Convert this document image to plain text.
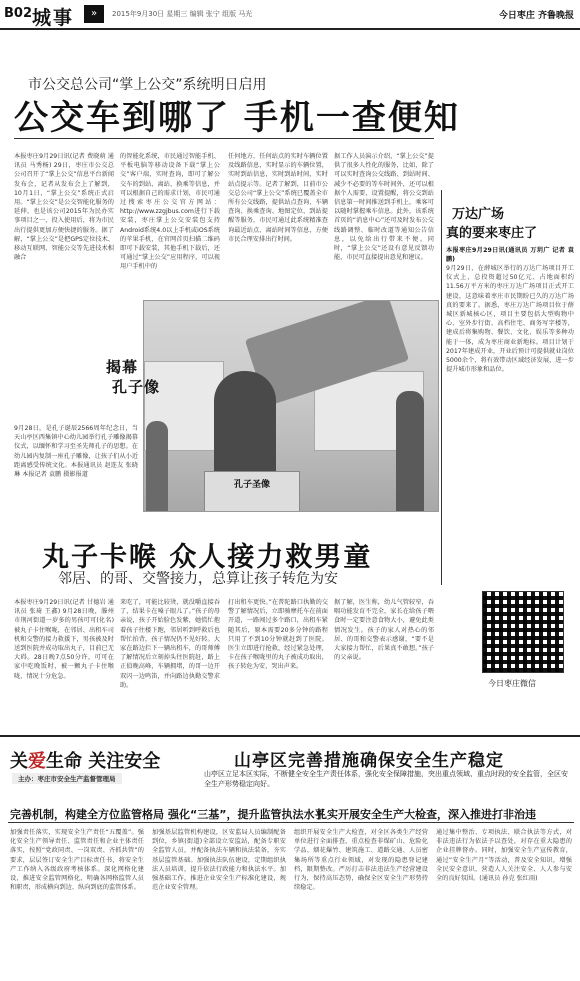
B02 城事	»	2015年9月30日 星期三 编辑 张宁 组版 马光	今日枣庄 齐鲁晚报
市公交总公司“掌上公交”系统明日启用
公交车到哪了 手机一查便知
本报枣庄9月29日讯(记者 费晓萌 通讯员 马秀杨) 29日，枣庄市公交总公司召开了“掌上公交”信息平台新闻发布会，记者从发布会上了解到，10月1日，“掌上公交”系统正式启用。“掌上公交”是公交智能化服务的延伸，也是该公司2015年为民办实事项目之一，投入使用后，将为市民出行提供更加方便快捷的服务。据了解，“掌上公交”是把GPS定位技术、移动互联网、智能公交等先进技术相融合
的智能化系统，市民通过智能手机、平板电脑等移动设备下载“掌上公交”客户端，实时查询，即可了解公交车的到站、离站、换乘等信息，并可以根据自己的需求计划，市民可通过搜索枣庄公交官方网站：http://www.zzgjbus.com进行下载安装，枣庄掌上公交安装包支持Android系统4.0以上手机或iOS系统的苹果手机，在官网首页扫描二维码即可下载安装，其他手机下载后，还可通过“掌上公交”应用程序，可以视用户手机中的
任何地方，任何站点的实时车辆位置及线路信息，实时显示的车辆位置，实时到站信息，实时到站时间，实时站点提示等。记者了解到，目前市公交总公司“掌上公交”系统已覆盖全市所有公交线路，提供站点查询、车辆查询、换乘查询、地图定位、到站提醒等服务，市民可通过此系统精准查询最近站点、离站时间等信息，方便市民合理安排出行时间。
据工作人员演示介绍，“掌上公交”提供了很多人性化的服务，比如，除了可以实时查询公交线路、到站时间、减少不必要的等车时间外，还可以根据个人需要，设置提醒，将公交到站信息第一时间推送到手机上，乘客可以随时掌握乘车信息。此外，该系统首页的“消息中心”还可及时发布公交线路调整、临时改道等通知公告信息，以免给出行带来不便。同时，“掌上公交”还设有意见反馈功能，市民可直接提出意见和建议。
万达广场
真的要来枣庄了
本报枣庄9月29日讯(通讯员 万玥广 记者 袁鹏)
9月29日，在薛城区举行的万达广场项目开工仪式上，总投资超过50亿元、占地面积约11.56万平方米的枣庄万达广场项目正式开工建设，这意味着枣庄市民期盼已久的万达广场真的要来了。据悉，枣庄万达广场项目位于薛城区新城核心区，项目主要包括大型购物中心、室外步行街、高档住宅、商务写字楼等，建成后将集购物、餐饮、文化、娱乐等多种功能于一体，成为枣庄商业新地标。项目计划于2017年建成开业，开业后预计可提供就业岗位5000余个，将有效带动区域经济发展，进一步提升城市形象和品位。
孔子圣像
揭幕
孔子像
9月28日，是孔子诞辰2566周年纪念日，当天山亭区西集镇中心幼儿园举行孔子雕像揭幕仪式，以缅怀和学习至圣先师孔子的思想。在幼儿园内复制一座孔子雕像，让孩子们从小近距离感受传统文化。本报通讯员 赵连友 张晓琳 本报记者 袁鹏 摄影报道
丸子卡喉 众人接力救男童
邻居、的哥、交警接力，总算让孩子转危为安
本报枣庄9月29日讯(记者 甘德岩 通讯员 张琦 王鑫) 9月28日晚，滕州市荆河街道一岁多的男孩可可(化名)被丸子卡住喉咙，在邻居、出租车司机和交警的接力救援下，男孩被及时送到医院并成功取出丸子，目前已无大碍。28日晚7点50分许，可可在家中吃晚饭时，被一颗丸子卡住喉咙，情况十分危急。
来吃了，可能比较烫，就没嚼直接吞了，结果卡在嗓子眼儿了。”孩子的母亲说，孩子开始脸色发紫，她慌忙抱着孩子往楼下跑，邻居听到呼救后也帮忙拍背，孩子情况仍不见好转。大家在路边拦下一辆出租车，的哥师傅了解情况后立刻掉头往医院赶，路上正值晚高峰，车辆拥堵，的哥一边开双闪一边鸣笛，并向路边执勤交警求助。
打出租车更快。”在普陀路口执勤的交警了解情况后，立即骑摩托车在前面开道，一路闯过多个路口，出租车紧随其后，原本需要20多分钟的路程只用了不到10分钟就赶到了医院。医生立即进行抢救，经过紧急处理，卡在孩子喉咙里的丸子被成功取出，孩子转危为安，哭出声来。
据了解，医生称，幼儿气管较窄，吞咽功能发育不完全，家长在给孩子喂食时一定要注意食物大小，避免此类情况发生。孩子的家人对热心的邻居、的哥和交警表示感谢，“要不是大家接力帮忙，后果真不敢想。”孩子的父亲说。
今日枣庄微信
关爱生命 关注安全
主办：枣庄市安全生产监督管理局
山亭区完善措施确保安全生产稳定
山亭区立足本区实际，不断健全安全生产责任体系，强化安全保障措施，突出重点领域、重点时段的安全监管，全区安全生产形势稳定向好。
完善机制，构建全方位监管格局 强化“三基”，提升监管执法水平
扎实开展安全生产大检查，深入推进打非治违
加强责任落实，实现安全生产责任“五覆盖”。强化安全生产领导责任、监管责任和企业主体责任落实，按照“党政同责、一岗双责、齐抓共管”的要求，层层签订安全生产目标责任书，将安全生产工作纳入各级政府考核体系。深化网格化建设，推进安全监管网格化，明确各网格监管人员和职责，形成横向到边、纵向到底的监管体系。
加强基层监管机构建设，区安监局人员编制配备到位，乡镇(街道)全部设立安监站，配备专职安全监管人员，并配备执法车辆和执法装备，夯实基层监管基础。加强执法队伍建设，定期组织执法人员培训，提升依法行政能力和执法水平。加强基础工作，推进企业安全生产标准化建设，规范企业安全管理。
组织开展安全生产大检查，对全区各类生产经营单位进行全面排查，重点检查非煤矿山、危险化学品、烟花爆竹、建筑施工、道路交通、人员密集场所等重点行业领域，对发现的隐患登记建档，限期整改。严厉打击非法违法生产经营建设行为，保持高压态势，确保全区安全生产形势持续稳定。
通过集中整治、专项执法、联合执法等方式，对非法违法行为依法予以查处，对存在重大隐患的企业挂牌督办。同时，加强安全生产宣传教育，通过“安全生产月”等活动，普及安全知识，增强全民安全意识，营造人人关注安全、人人参与安全的良好氛围。(通讯员 孙克 张红雨)
